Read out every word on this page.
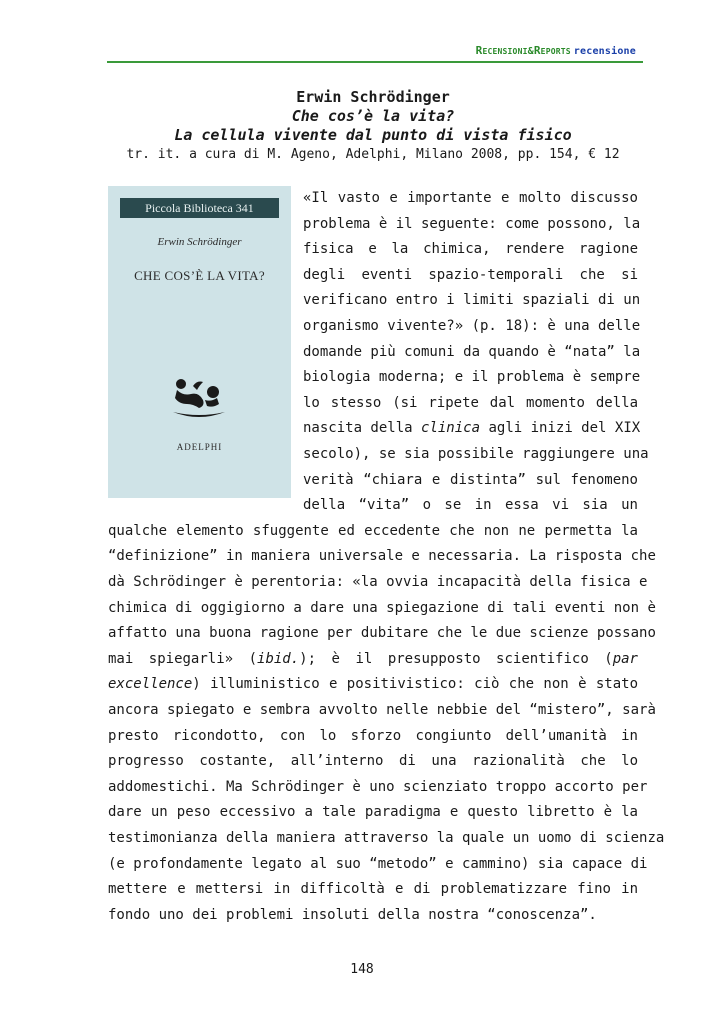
Recensioni&Reports recensione
Erwin Schrödinger
Che cos’è la vita?
La cellula vivente dal punto di vista fisico
tr. it. a cura di M. Ageno, Adelphi, Milano 2008, pp. 154, € 12
Piccola Biblioteca 341
Erwin Schrödinger
CHE COS’È LA VITA?
ADELPHI
«Il vasto e importante e molto discusso
problema è il seguente: come possono, la
fisica e la chimica, rendere ragione
degli eventi spazio-temporali che si
verificano entro i limiti spaziali di un
organismo vivente?» (p. 18): è una delle
domande più comuni da quando è “nata” la
biologia moderna; e il problema è sempre
lo stesso (si ripete dal momento della
nascita della clinica agli inizi del XIX
secolo), se sia possibile raggiungere una
verità “chiara e distinta” sul fenomeno
della “vita” o se in essa vi sia un
qualche elemento sfuggente ed eccedente che non ne permetta la
“definizione” in maniera universale e necessaria. La risposta che
dà Schrödinger è perentoria: «la ovvia incapacità della fisica e
chimica di oggigiorno a dare una spiegazione di tali eventi non è
affatto una buona ragione per dubitare che le due scienze possano
mai spiegarli» (ibid.); è il presupposto scientifico (par
excellence) illuministico e positivistico: ciò che non è stato
ancora spiegato e sembra avvolto nelle nebbie del “mistero”, sarà
presto ricondotto, con lo sforzo congiunto dell’umanità in
progresso costante, all’interno di una razionalità che lo
addomestichi. Ma Schrödinger è uno scienziato troppo accorto per
dare un peso eccessivo a tale paradigma e questo libretto è la
testimonianza della maniera attraverso la quale un uomo di scienza
(e profondamente legato al suo “metodo” e cammino) sia capace di
mettere e mettersi in difficoltà e di problematizzare fino in
fondo uno dei problemi insoluti della nostra “conoscenza”.
148
